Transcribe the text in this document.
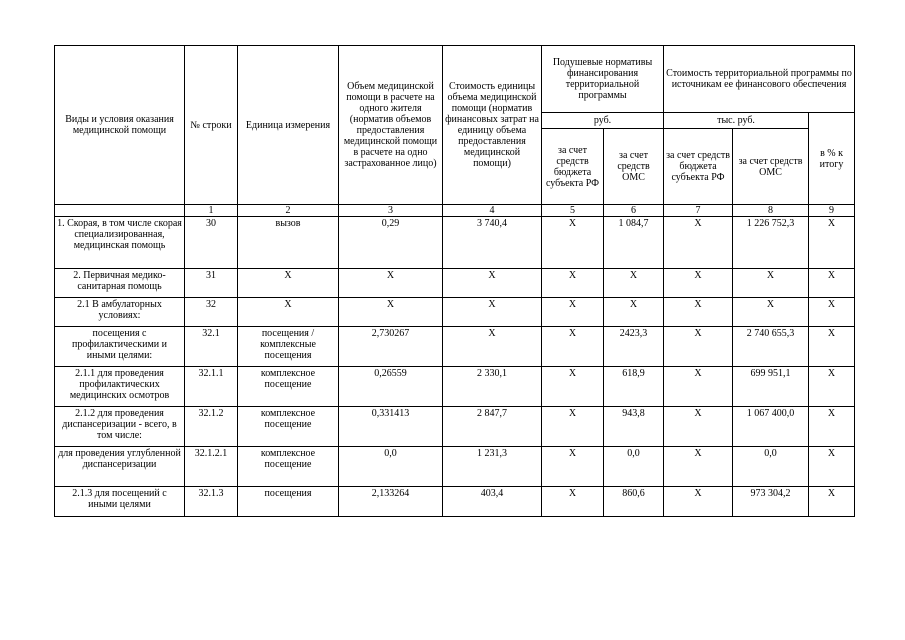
Виды и условия оказания медицинской помощи	№ строки	Единица измерения	Объем медицинской помощи в расчете на одного жителя (норматив объемов предоставления медицинской помощи в расчете на одно застрахованное лицо)	Стоимость единицы объема медицинской помощи (норматив финансовых затрат на единицу объема предоставления медицинской помощи)	Подушевые нормативы финансирования территориальной программы		Стоимость территориальной программы по источникам ее финансового обеспечения		
					руб.		тыс. руб.		в % к итогу
					за счет средств бюджета субъекта РФ	за счет средств ОМС	за счет средств бюджета субъекта РФ	за счет средств ОМС	
	1	2	3	4	5	6	7	8	9
1. Скорая, в том числе скорая специализированная, медицинская помощь	30	вызов	0,29	3 740,4	Х	1 084,7	Х	1 226 752,3	Х
2. Первичная медико-санитарная помощь	31	Х	Х	Х	Х	Х	Х	Х	Х
2.1 В амбулаторных условиях:	32	Х	Х	Х	Х	Х	Х	Х	Х
посещения с профилактическими и иными целями:	32.1	посещения / комплексные посещения	2,730267	Х	Х	2423,3	Х	2 740 655,3	Х
2.1.1 для проведения профилактических медицинских осмотров	32.1.1	комплексное посещение	0,26559	2 330,1	Х	618,9	Х	699 951,1	Х
2.1.2 для проведения диспансеризации - всего, в том числе:	32.1.2	комплексное посещение	0,331413	2 847,7	Х	943,8	Х	1 067 400,0	Х
для проведения углубленной диспансеризации	32.1.2.1	комплексное посещение	0,0	1 231,3	Х	0,0	Х	0,0	Х
2.1.3 для посещений с иными целями	32.1.3	посещения	2,133264	403,4	Х	860,6	Х	973 304,2	Х
